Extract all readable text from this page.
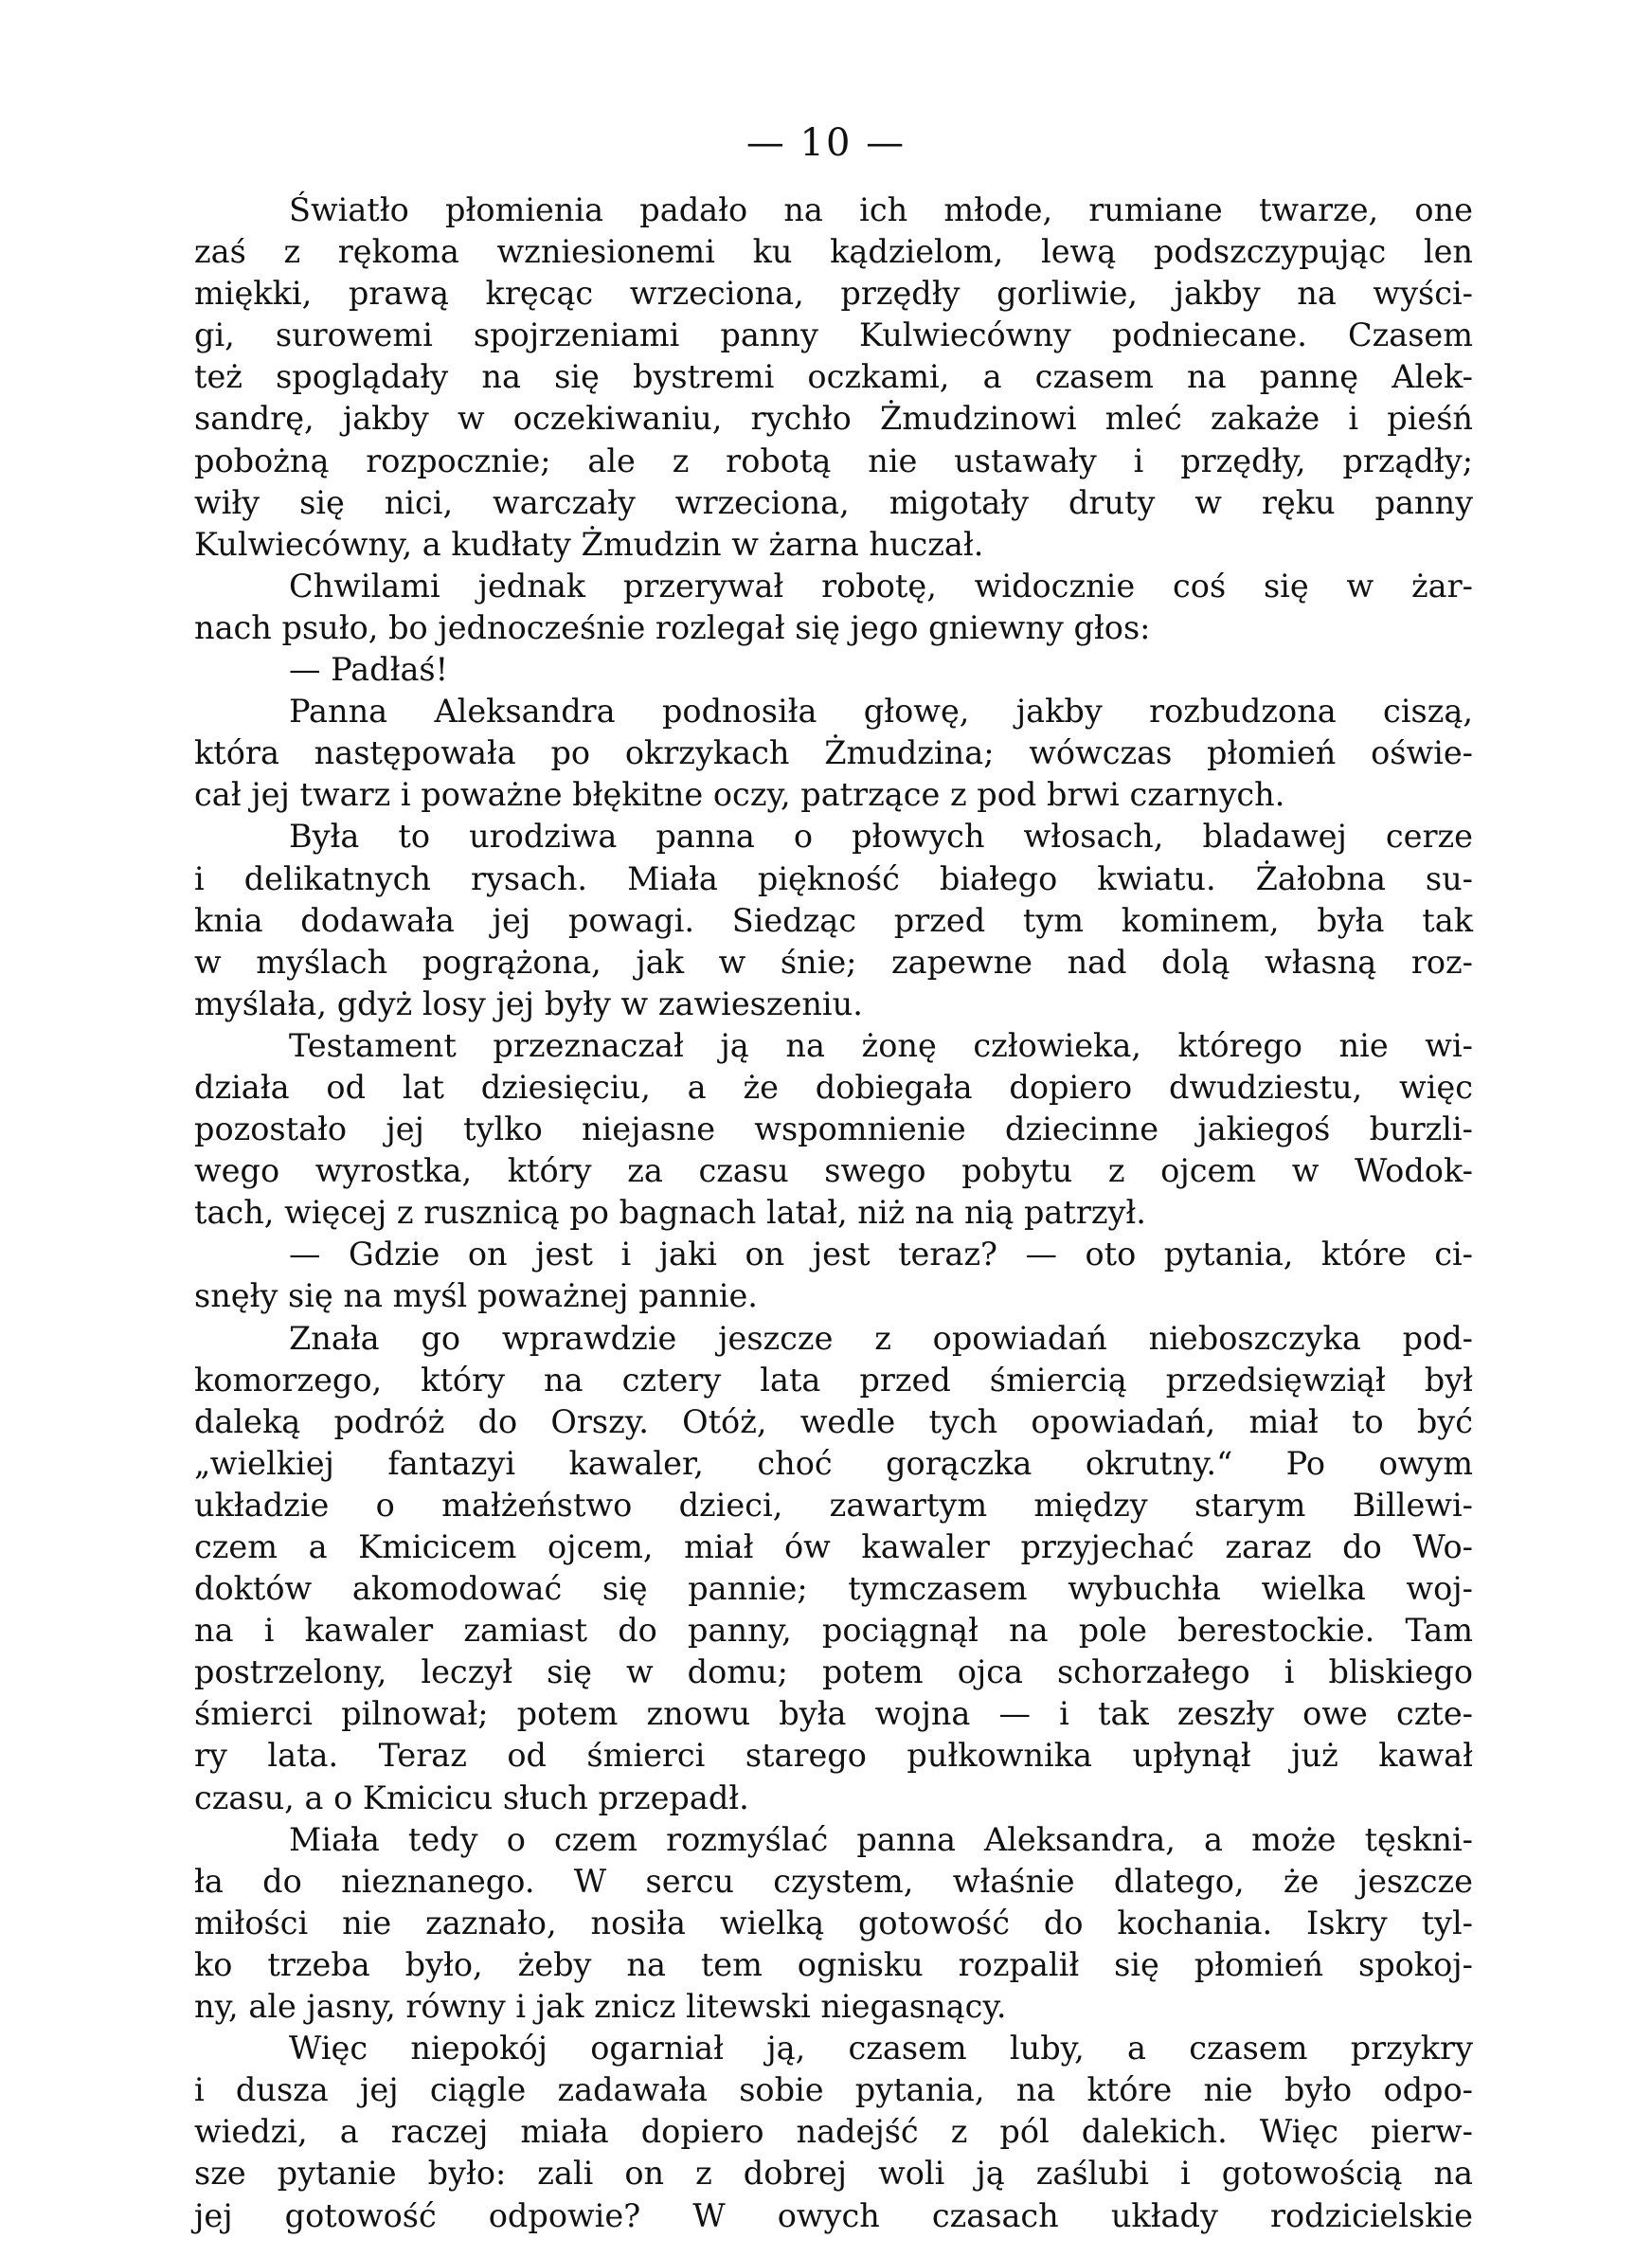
— 10 —
Światło płomienia padało na ich młode, rumiane twarze, one
zaś z rękoma wzniesionemi ku kądzielom, lewą podszczypując len
miękki, prawą kręcąc wrzeciona, przędły gorliwie, jakby na wyści-
gi, surowemi spojrzeniami panny Kulwiecówny podniecane. Czasem
też spoglądały na się bystremi oczkami, a czasem na pannę Alek-
sandrę, jakby w oczekiwaniu, rychło Żmudzinowi mleć zakaże i pieśń
pobożną rozpocznie; ale z robotą nie ustawały i przędły, prządły;
wiły się nici, warczały wrzeciona, migotały druty w ręku panny
Kulwiecówny, a kudłaty Żmudzin w żarna huczał.
Chwilami jednak przerywał robotę, widocznie coś się w żar-
nach psuło, bo jednocześnie rozlegał się jego gniewny głos:
— Padłaś!
Panna Aleksandra podnosiła głowę, jakby rozbudzona ciszą,
która następowała po okrzykach Żmudzina; wówczas płomień oświe-
cał jej twarz i poważne błękitne oczy, patrzące z pod brwi czarnych.
Była to urodziwa panna o płowych włosach, bladawej cerze
i delikatnych rysach. Miała piękność białego kwiatu. Żałobna su-
knia dodawała jej powagi. Siedząc przed tym kominem, była tak
w myślach pogrążona, jak w śnie; zapewne nad dolą własną roz-
myślała, gdyż losy jej były w zawieszeniu.
Testament przeznaczał ją na żonę człowieka, którego nie wi-
działa od lat dziesięciu, a że dobiegała dopiero dwudziestu, więc
pozostało jej tylko niejasne wspomnienie dziecinne jakiegoś burzli-
wego wyrostka, który za czasu swego pobytu z ojcem w Wodok-
tach, więcej z rusznicą po bagnach latał, niż na nią patrzył.
— Gdzie on jest i jaki on jest teraz? — oto pytania, które ci-
snęły się na myśl poważnej pannie.
Znała go wprawdzie jeszcze z opowiadań nieboszczyka pod-
komorzego, który na cztery lata przed śmiercią przedsięwziął był
daleką podróż do Orszy. Otóż, wedle tych opowiadań, miał to być
„wielkiej fantazyi kawaler, choć gorączka okrutny.“ Po owym
układzie o małżeństwo dzieci, zawartym między starym Billewi-
czem a Kmicicem ojcem, miał ów kawaler przyjechać zaraz do Wo-
doktów akomodować się pannie; tymczasem wybuchła wielka woj-
na i kawaler zamiast do panny, pociągnął na pole berestockie. Tam
postrzelony, leczył się w domu; potem ojca schorzałego i bliskiego
śmierci pilnował; potem znowu była wojna — i tak zeszły owe czte-
ry lata. Teraz od śmierci starego pułkownika upłynął już kawał
czasu, a o Kmicicu słuch przepadł.
Miała tedy o czem rozmyślać panna Aleksandra, a może tęskni-
ła do nieznanego. W sercu czystem, właśnie dlatego, że jeszcze
miłości nie zaznało, nosiła wielką gotowość do kochania. Iskry tyl-
ko trzeba było, żeby na tem ognisku rozpalił się płomień spokoj-
ny, ale jasny, równy i jak znicz litewski niegasnący.
Więc niepokój ogarniał ją, czasem luby, a czasem przykry
i dusza jej ciągle zadawała sobie pytania, na które nie było odpo-
wiedzi, a raczej miała dopiero nadejść z pól dalekich. Więc pierw-
sze pytanie było: zali on z dobrej woli ją zaślubi i gotowością na
jej gotowość odpowie? W owych czasach układy rodzicielskie
